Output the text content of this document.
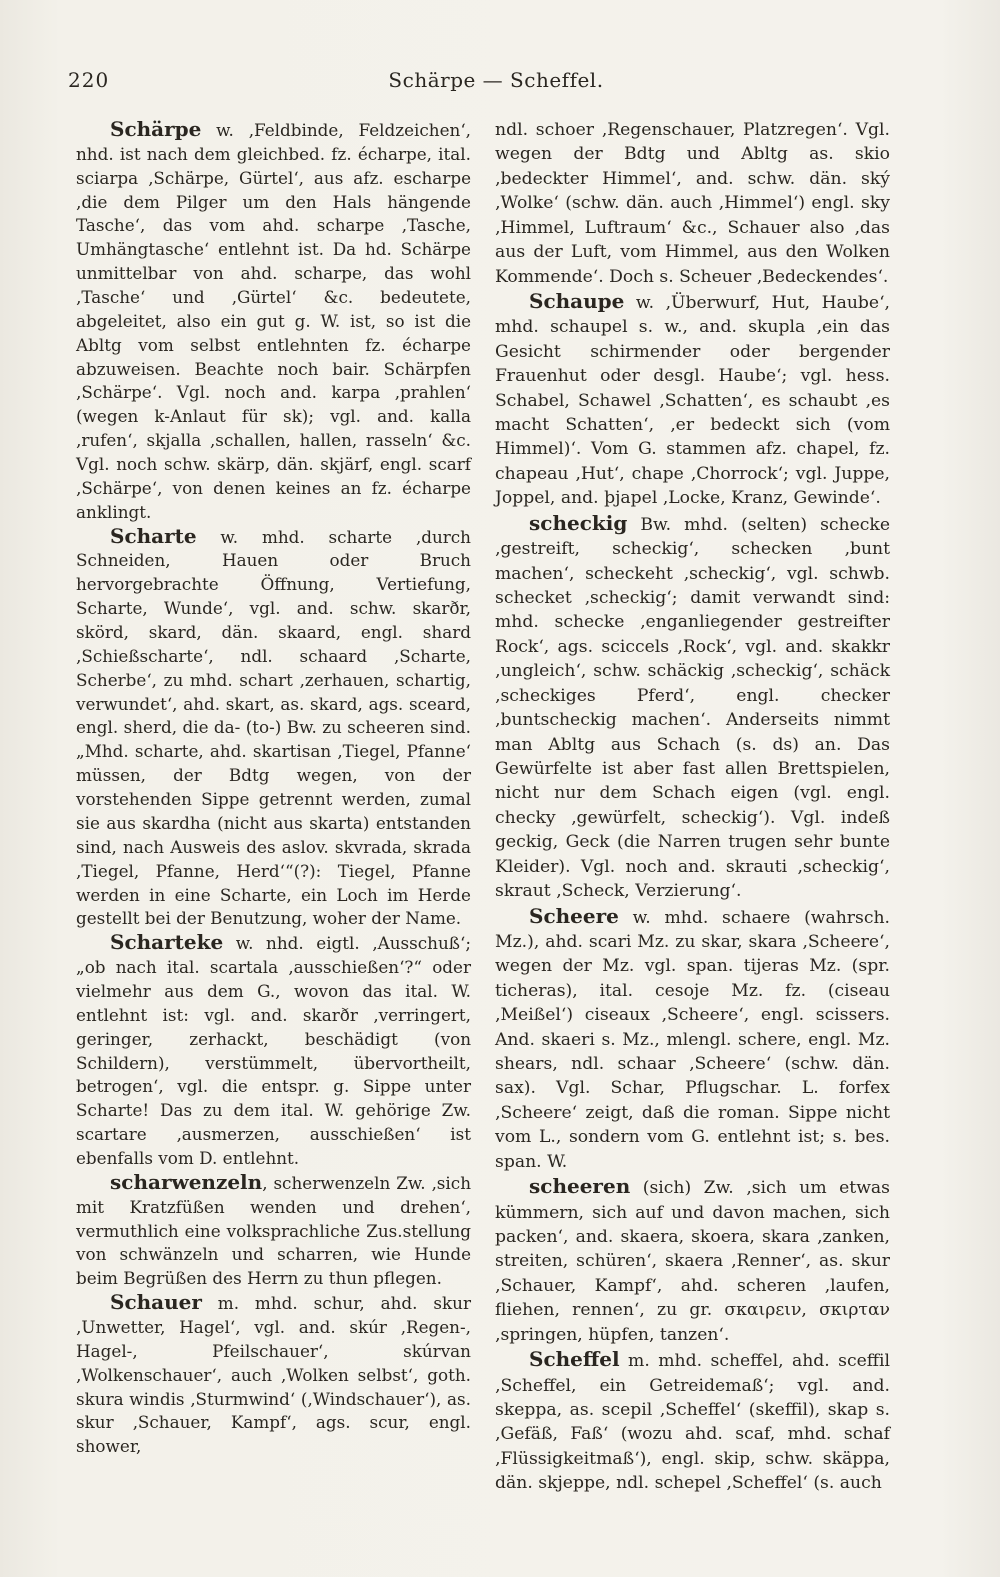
220	Schärpe — Scheffel.

Schärpe w. ‚Feldbinde, Feldzeichen‘, nhd. ist nach dem gleichbed. fz. écharpe, ital. sciarpa ‚Schärpe, Gürtel‘, aus afz. escharpe ‚die dem Pilger um den Hals hängende Tasche‘, das vom ahd. scharpe ‚Tasche, Umhängtasche‘ entlehnt ist. Da hd. Schärpe unmittelbar von ahd. scharpe, das wohl ‚Tasche‘ und ‚Gürtel‘ &c. bedeutete, abgeleitet, also ein gut g. W. ist, so ist die Abltg vom selbst entlehnten fz. écharpe abzuweisen. Beachte noch bair. Schärpfen ‚Schärpe‘. Vgl. noch and. karpa ‚prahlen‘ (wegen k-Anlaut für sk); vgl. and. kalla ‚rufen‘, skjalla ‚schallen, hallen, rasseln‘ &c. Vgl. noch schw. skärp, dän. skjärf, engl. scarf ‚Schärpe‘, von denen keines an fz. écharpe anklingt.

Scharte w. mhd. scharte ‚durch Schneiden, Hauen oder Bruch hervorgebrachte Öffnung, Vertiefung, Scharte, Wunde‘, vgl. and. schw. skarðr, skörd, skard, dän. skaard, engl. shard ‚Schießscharte‘, ndl. schaard ‚Scharte, Scherbe‘, zu mhd. schart ‚zerhauen, schartig, verwundet‘, ahd. skart, as. skard, ags. sceard, engl. sherd, die da- (to-) Bw. zu scheeren sind. „Mhd. scharte, ahd. skartisan ‚Tiegel, Pfanne‘ müssen, der Bdtg wegen, von der vorstehenden Sippe getrennt werden, zumal sie aus skardha (nicht aus skarta) entstanden sind, nach Ausweis des aslov. skvrada, skrada ‚Tiegel, Pfanne, Herd‘“(?): Tiegel, Pfanne werden in eine Scharte, ein Loch im Herde gestellt bei der Benutzung, woher der Name.

Scharteke w. nhd. eigtl. ‚Ausschuß‘; „ob nach ital. scartala ‚ausschießen‘?“ oder vielmehr aus dem G., wovon das ital. W. entlehnt ist: vgl. and. skarðr ‚verringert, geringer, zerhackt, beschädigt (von Schildern), verstümmelt, übervortheilt, betrogen‘, vgl. die entspr. g. Sippe unter Scharte! Das zu dem ital. W. gehörige Zw. scartare ‚ausmerzen, ausschießen‘ ist ebenfalls vom D. entlehnt.

scharwenzeln, scherwenzeln Zw. ‚sich mit Kratzfüßen wenden und drehen‘, vermuthlich eine volksprachliche Zus.stellung von schwänzeln und scharren, wie Hunde beim Begrüßen des Herrn zu thun pflegen.

Schauer m. mhd. schur, ahd. skur ‚Unwetter, Hagel‘, vgl. and. skúr ‚Regen-, Hagel-, Pfeilschauer‘, skúrvan ‚Wolkenschauer‘, auch ‚Wolken selbst‘, goth. skura windis ‚Sturmwind‘ (‚Windschauer‘), as. skur ‚Schauer, Kampf‘, ags. scur, engl. shower,

ndl. schoer ‚Regenschauer, Platzregen‘. Vgl. wegen der Bdtg und Abltg as. skio ‚bedeckter Himmel‘, and. schw. dän. ský ‚Wolke‘ (schw. dän. auch ‚Himmel‘) engl. sky ‚Himmel, Luftraum‘ &c., Schauer also ‚das aus der Luft, vom Himmel, aus den Wolken Kommende‘. Doch s. Scheuer ‚Bedeckendes‘.

Schaupe w. ‚Überwurf, Hut, Haube‘, mhd. schaupel s. w., and. skupla ‚ein das Gesicht schirmender oder bergender Frauenhut oder desgl. Haube‘; vgl. hess. Schabel, Schawel ‚Schatten‘, es schaubt ‚es macht Schatten‘, ‚er bedeckt sich (vom Himmel)‘. Vom G. stammen afz. chapel, fz. chapeau ‚Hut‘, chape ‚Chorrock‘; vgl. Juppe, Joppel, and. þjapel ‚Locke, Kranz, Gewinde‘.

scheckig Bw. mhd. (selten) schecke ‚gestreift, scheckig‘, schecken ‚bunt machen‘, scheckeht ‚scheckig‘, vgl. schwb. schecket ‚scheckig‘; damit verwandt sind: mhd. schecke ‚enganliegender gestreifter Rock‘, ags. sciccels ‚Rock‘, vgl. and. skakkr ‚ungleich‘, schw. schäckig ‚scheckig‘, schäck ‚scheckiges Pferd‘, engl. checker ‚buntscheckig machen‘. Anderseits nimmt man Abltg aus Schach (s. ds) an. Das Gewürfelte ist aber fast allen Brettspielen, nicht nur dem Schach eigen (vgl. engl. checky ‚gewürfelt, scheckig‘). Vgl. indeß geckig, Geck (die Narren trugen sehr bunte Kleider). Vgl. noch and. skrauti ‚scheckig‘, skraut ‚Scheck, Verzierung‘.

Scheere w. mhd. schaere (wahrsch. Mz.), ahd. scari Mz. zu skar, skara ‚Scheere‘, wegen der Mz. vgl. span. tijeras Mz. (spr. ticheras), ital. cesoje Mz. fz. (ciseau ‚Meißel‘) ciseaux ‚Scheere‘, engl. scissers. And. skaeri s. Mz., mlengl. schere, engl. Mz. shears, ndl. schaar ‚Scheere‘ (schw. dän. sax). Vgl. Schar, Pflugschar. L. forfex ‚Scheere‘ zeigt, daß die roman. Sippe nicht vom L., sondern vom G. entlehnt ist; s. bes. span. W.

scheeren (sich) Zw. ‚sich um etwas kümmern, sich auf und davon machen, sich packen‘, and. skaera, skoera, skara ‚zanken, streiten, schüren‘, skaera ‚Renner‘, as. skur ‚Schauer, Kampf‘, ahd. scheren ‚laufen, fliehen, rennen‘, zu gr. σκαιρειν, σκιρταν ‚springen, hüpfen, tanzen‘.

Scheffel m. mhd. scheffel, ahd. sceffil ‚Scheffel, ein Getreidemaß‘; vgl. and. skeppa, as. scepil ‚Scheffel‘ (skeffil), skap s. ‚Gefäß, Faß‘ (wozu ahd. scaf, mhd. schaf ‚Flüssigkeitmaß‘), engl. skip, schw. skäppa, dän. skjeppe, ndl. schepel ‚Scheffel‘ (s. auch
